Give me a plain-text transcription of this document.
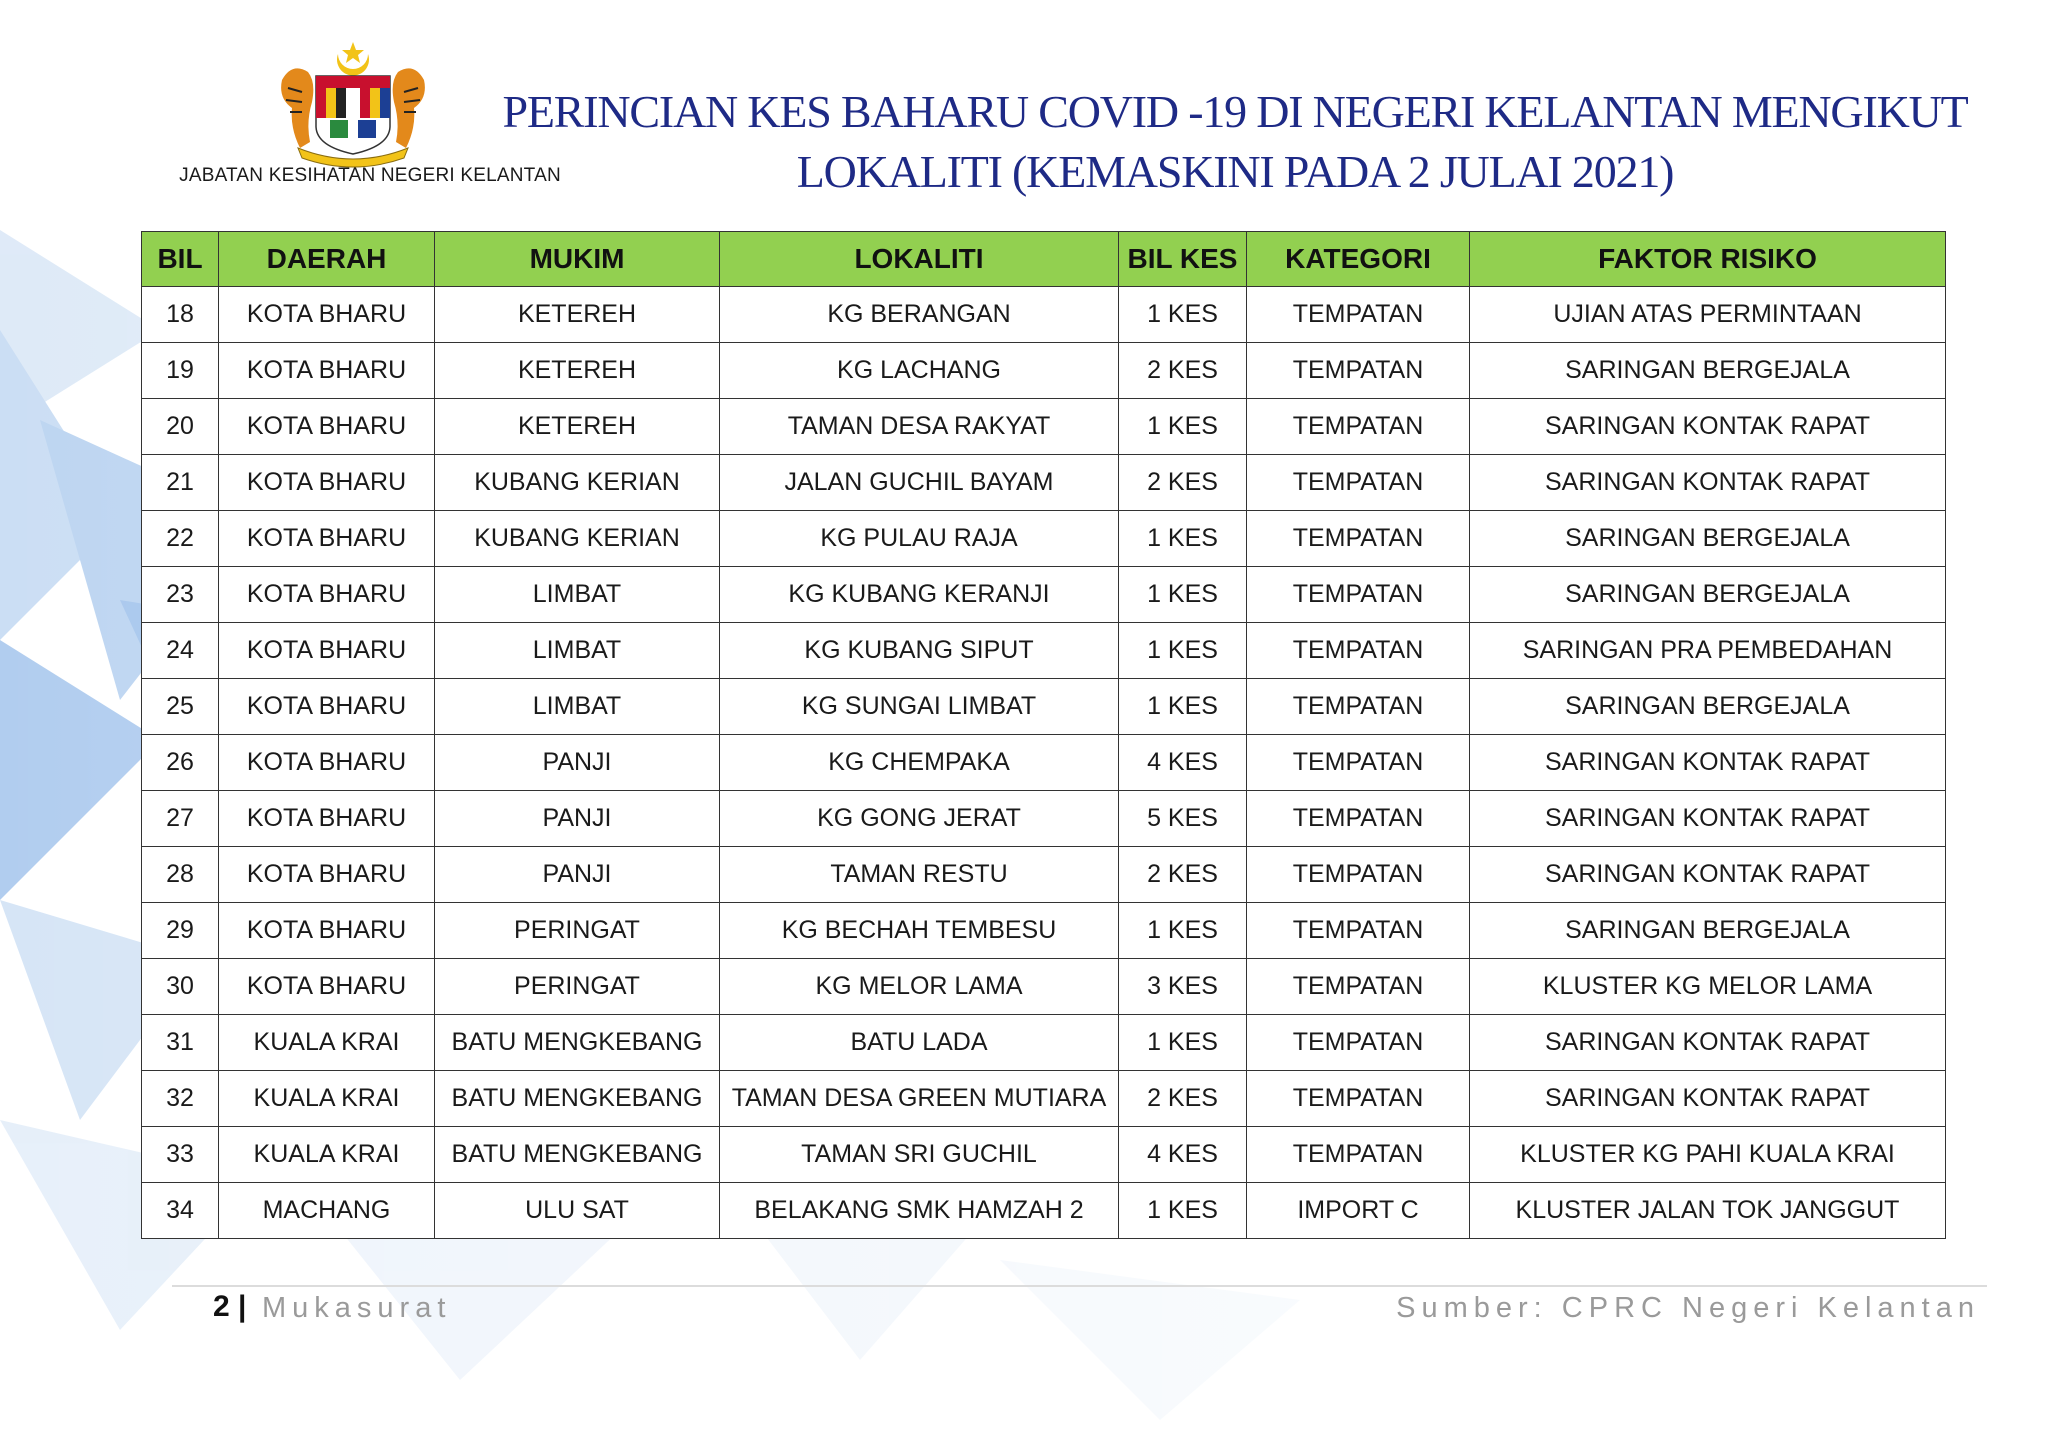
JABATAN KESIHATAN NEGERI KELANTAN
PERINCIAN KES BAHARU COVID -19 DI NEGERI KELANTAN MENGIKUT
LOKALITI (KEMASKINI PADA 2 JULAI 2021)
BIL	DAERAH	MUKIM	LOKALITI	BIL KES	KATEGORI	FAKTOR RISIKO
18	KOTA BHARU	KETEREH	KG BERANGAN	1 KES	TEMPATAN	UJIAN ATAS PERMINTAAN
19	KOTA BHARU	KETEREH	KG LACHANG	2 KES	TEMPATAN	SARINGAN BERGEJALA
20	KOTA BHARU	KETEREH	TAMAN DESA RAKYAT	1 KES	TEMPATAN	SARINGAN KONTAK RAPAT
21	KOTA BHARU	KUBANG KERIAN	JALAN GUCHIL BAYAM	2 KES	TEMPATAN	SARINGAN KONTAK RAPAT
22	KOTA BHARU	KUBANG KERIAN	KG PULAU RAJA	1 KES	TEMPATAN	SARINGAN BERGEJALA
23	KOTA BHARU	LIMBAT	KG KUBANG KERANJI	1 KES	TEMPATAN	SARINGAN BERGEJALA
24	KOTA BHARU	LIMBAT	KG KUBANG SIPUT	1 KES	TEMPATAN	SARINGAN PRA PEMBEDAHAN
25	KOTA BHARU	LIMBAT	KG SUNGAI LIMBAT	1 KES	TEMPATAN	SARINGAN BERGEJALA
26	KOTA BHARU	PANJI	KG CHEMPAKA	4 KES	TEMPATAN	SARINGAN KONTAK RAPAT
27	KOTA BHARU	PANJI	KG GONG JERAT	5 KES	TEMPATAN	SARINGAN KONTAK RAPAT
28	KOTA BHARU	PANJI	TAMAN RESTU	2 KES	TEMPATAN	SARINGAN KONTAK RAPAT
29	KOTA BHARU	PERINGAT	KG BECHAH TEMBESU	1 KES	TEMPATAN	SARINGAN BERGEJALA
30	KOTA BHARU	PERINGAT	KG MELOR LAMA	3 KES	TEMPATAN	KLUSTER KG MELOR LAMA
31	KUALA KRAI	BATU MENGKEBANG	BATU LADA	1 KES	TEMPATAN	SARINGAN KONTAK RAPAT
32	KUALA KRAI	BATU MENGKEBANG	TAMAN DESA GREEN MUTIARA	2 KES	TEMPATAN	SARINGAN KONTAK RAPAT
33	KUALA KRAI	BATU MENGKEBANG	TAMAN SRI GUCHIL	4 KES	TEMPATAN	KLUSTER KG PAHI KUALA KRAI
34	MACHANG	ULU SAT	BELAKANG SMK HAMZAH 2	1 KES	IMPORT C	KLUSTER JALAN TOK JANGGUT
2 | Mukasurat	Sumber: CPRC Negeri Kelantan
